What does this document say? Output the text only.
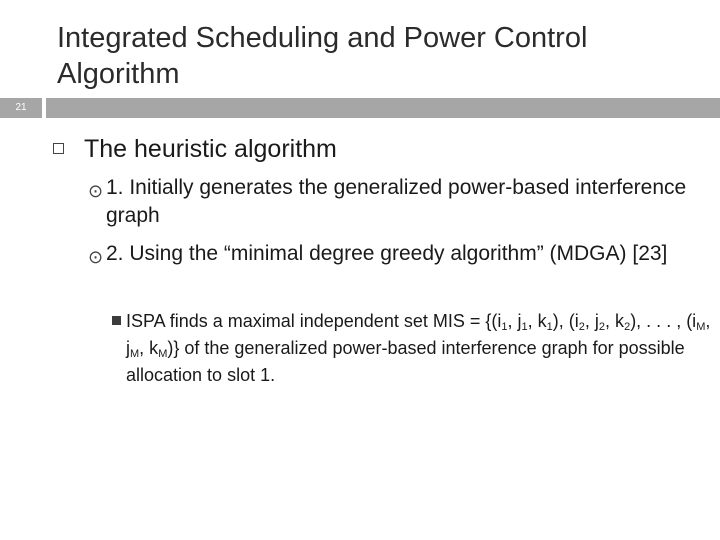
Integrated Scheduling and Power Control Algorithm
21
The heuristic algorithm
⊙ 1. Initially generates the generalized power-based interference graph
⊙ 2. Using the “minimal degree greedy algorithm” (MDGA) [23]
ISPA finds a maximal independent set MIS = {($i_1$, $j_1$, $k_1$), ($i_2$, $j_2$, $k_2$), . . . , ($i_M$, $j_M$, $k_M$)} of the generalized power-based interference graph for possible allocation to slot 1.
